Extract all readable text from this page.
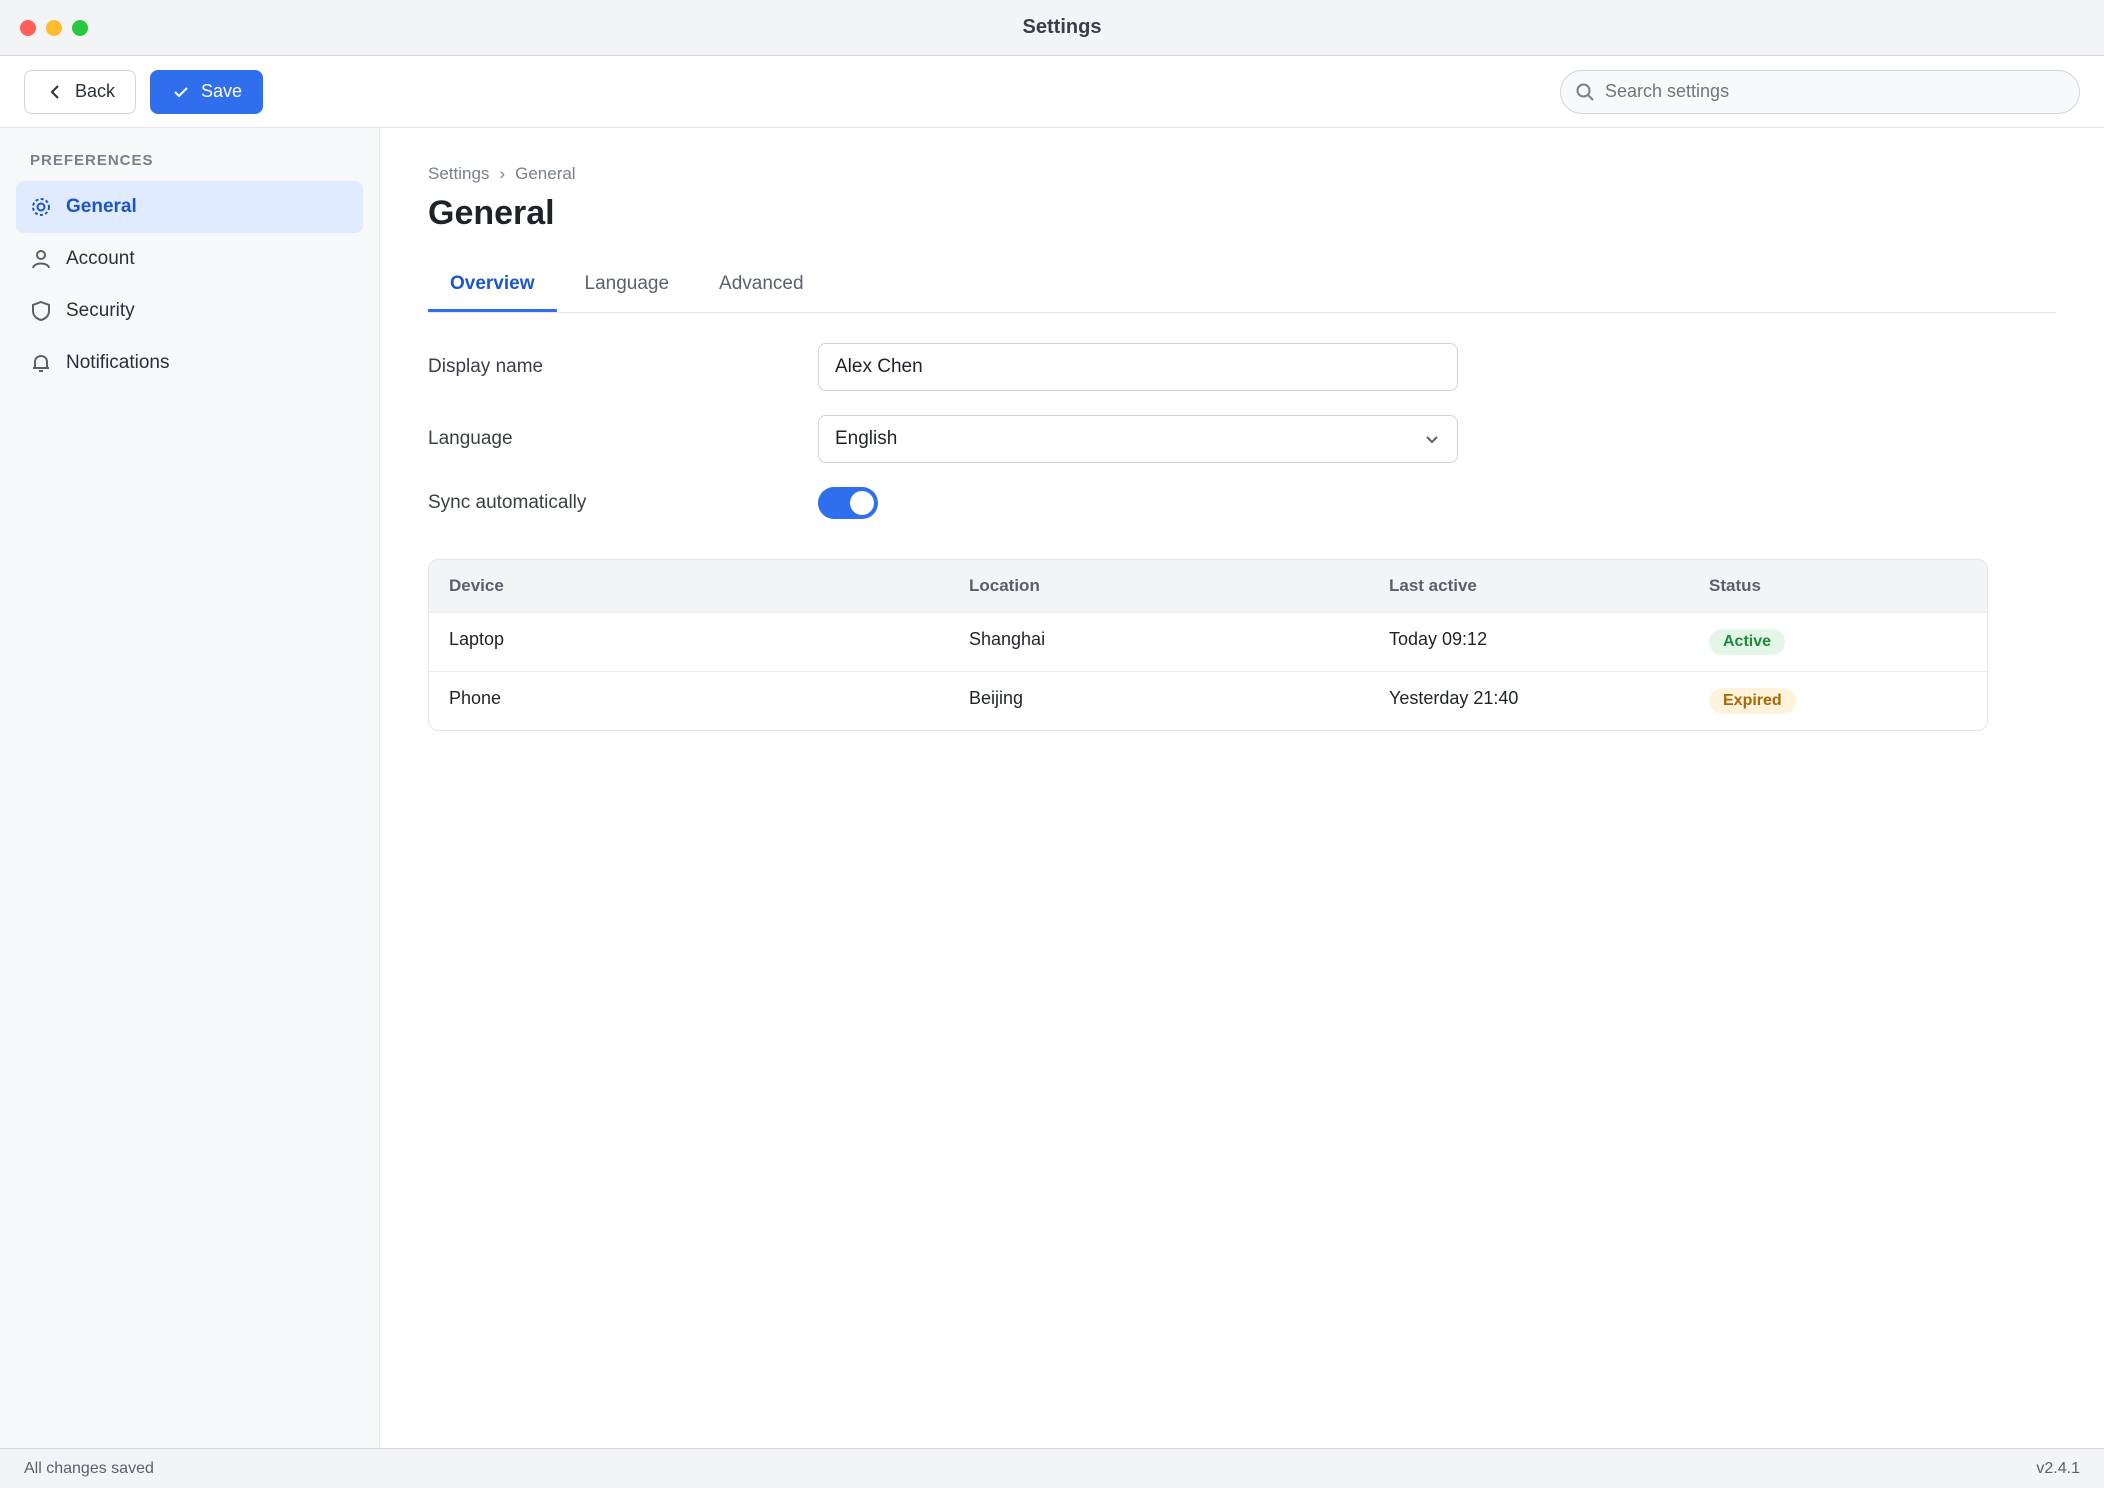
Settings
Back	Save
Search settings
PREFERENCES
General
Account
Security
Notifications
Settings › General
General
Overview	Language	Advanced
Display name
Alex Chen
Language	English
Sync automatically
Device	Location	Last active	Status
Laptop	Shanghai	Today 09:12	Active
Phone	Beijing	Yesterday 21:40	Expired
All changes saved	v2.4.1
